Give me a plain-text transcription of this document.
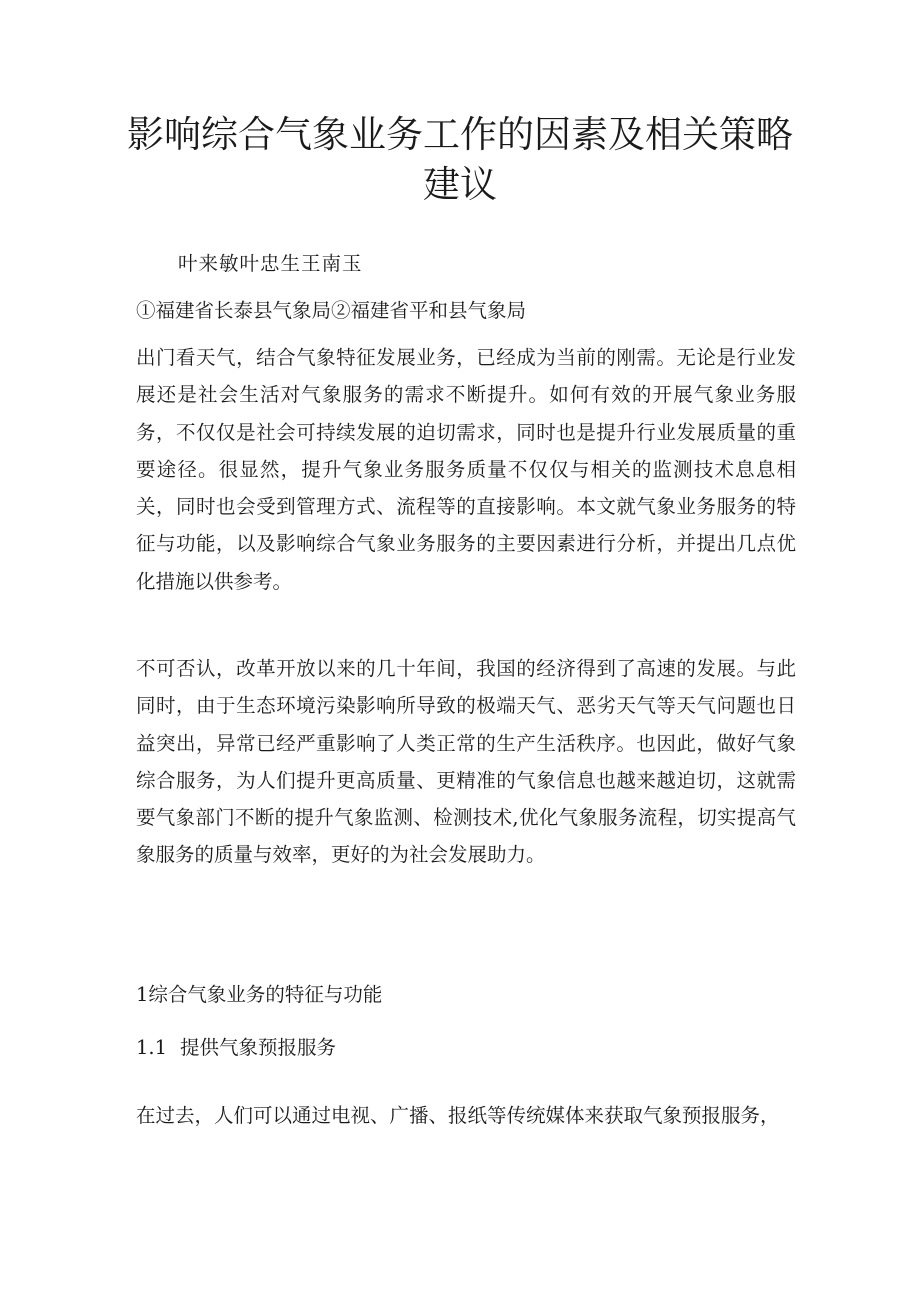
影响综合气象业务工作的因素及相关策略建议

叶来敏叶忠生王南玉

①福建省长泰县气象局②福建省平和县气象局

出门看天气，结合气象特征发展业务，已经成为当前的刚需。无论是行业发展还是社会生活对气象服务的需求不断提升。如何有效的开展气象业务服务，不仅仅是社会可持续发展的迫切需求，同时也是提升行业发展质量的重要途径。很显然，提升气象业务服务质量不仅仅与相关的监测技术息息相关，同时也会受到管理方式、流程等的直接影响。本文就气象业务服务的特征与功能，以及影响综合气象业务服务的主要因素进行分析，并提出几点优化措施以供参考。

不可否认，改革开放以来的几十年间，我国的经济得到了高速的发展。与此同时，由于生态环境污染影响所导致的极端天气、恶劣天气等天气问题也日益突出，异常已经严重影响了人类正常的生产生活秩序。也因此，做好气象综合服务，为人们提升更高质量、更精准的气象信息也越来越迫切，这就需要气象部门不断的提升气象监测、检测技术,优化气象服务流程，切实提高气象服务的质量与效率，更好的为社会发展助力。

1综合气象业务的特征与功能

1.1 提供气象预报服务

在过去，人们可以通过电视、广播、报纸等传统媒体来获取气象预报服务，
